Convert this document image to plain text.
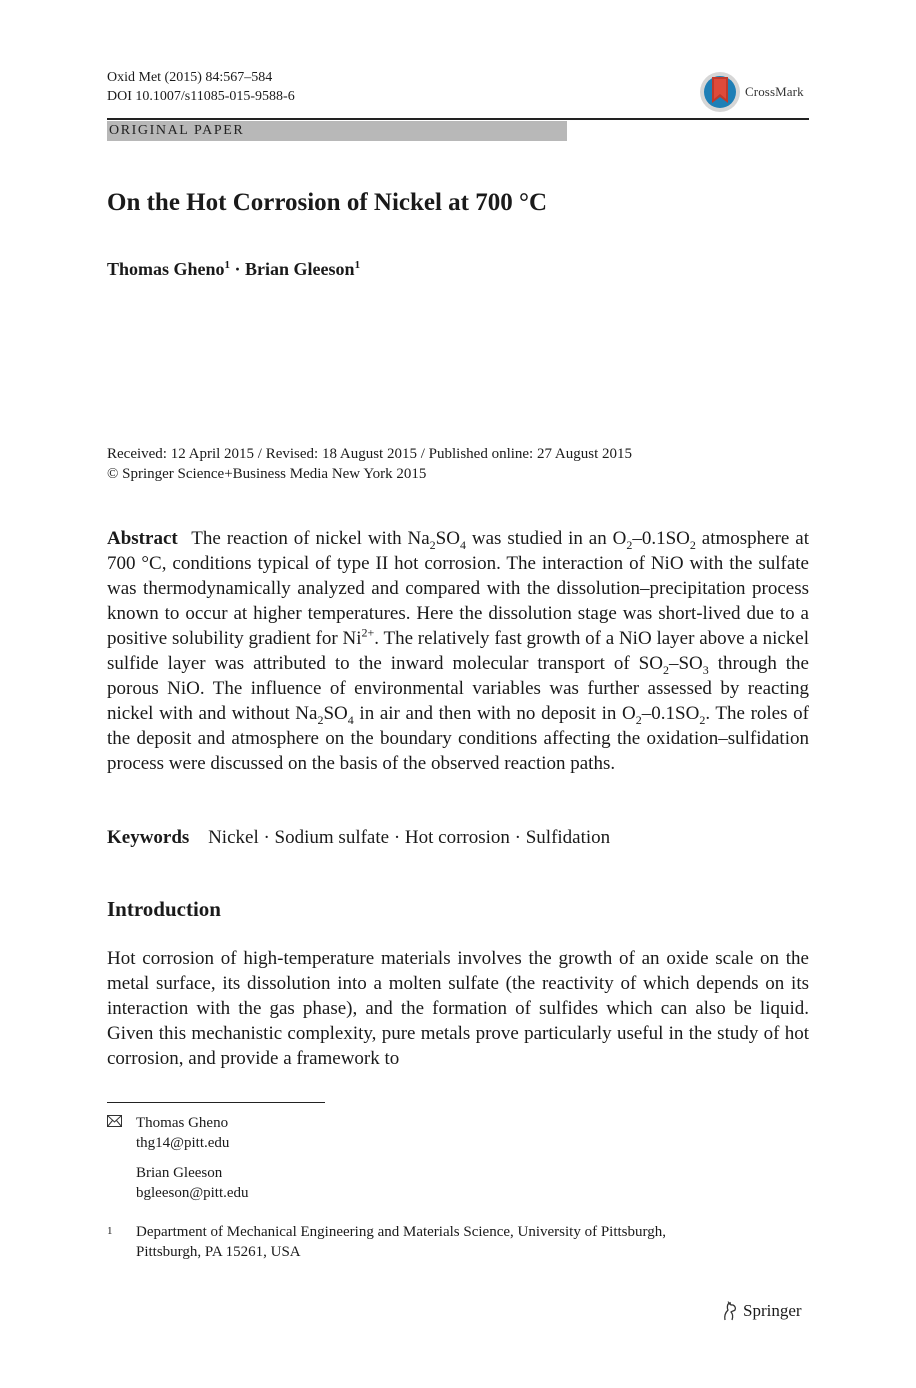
Oxid Met (2015) 84:567–584
DOI 10.1007/s11085-015-9588-6	CrossMark
ORIGINAL PAPER
On the Hot Corrosion of Nickel at 700 °C
Thomas Gheno$^1$ · Brian Gleeson$^1$
Received: 12 April 2015 / Revised: 18 August 2015 / Published online: 27 August 2015
© Springer Science+Business Media New York 2015
Abstract The reaction of nickel with $Na_2SO_4$ was studied in an $O_2-0.1SO_2$ atmosphere at 700 °C, conditions typical of type II hot corrosion. The interaction of NiO with the sulfate was thermodynamically analyzed and compared with the dissolution–precipitation process known to occur at higher temperatures. Here the dissolution stage was short-lived due to a positive solubility gradient for $Ni^{2+}$. The relatively fast growth of a NiO layer above a nickel sulfide layer was attributed to the inward molecular transport of $SO_2-SO_3$ through the porous NiO. The influence of environmental variables was further assessed by reacting nickel with and without $Na_2SO_4$ in air and then with no deposit in $O_2-0.1SO_2$. The roles of the deposit and atmosphere on the boundary conditions affecting the oxidation–sulfidation process were discussed on the basis of the observed reaction paths.
Keywords Nickel · Sodium sulfate · Hot corrosion · Sulfidation
Introduction
Hot corrosion of high-temperature materials involves the growth of an oxide scale on the metal surface, its dissolution into a molten sulfate (the reactivity of which depends on its interaction with the gas phase), and the formation of sulfides which can also be liquid. Given this mechanistic complexity, pure metals prove particularly useful in the study of hot corrosion, and provide a framework to
Thomas Gheno
thg14@pitt.edu
Brian Gleeson
bgleeson@pitt.edu
1 Department of Mechanical Engineering and Materials Science, University of Pittsburgh,
Pittsburgh, PA 15261, USA
Springer
